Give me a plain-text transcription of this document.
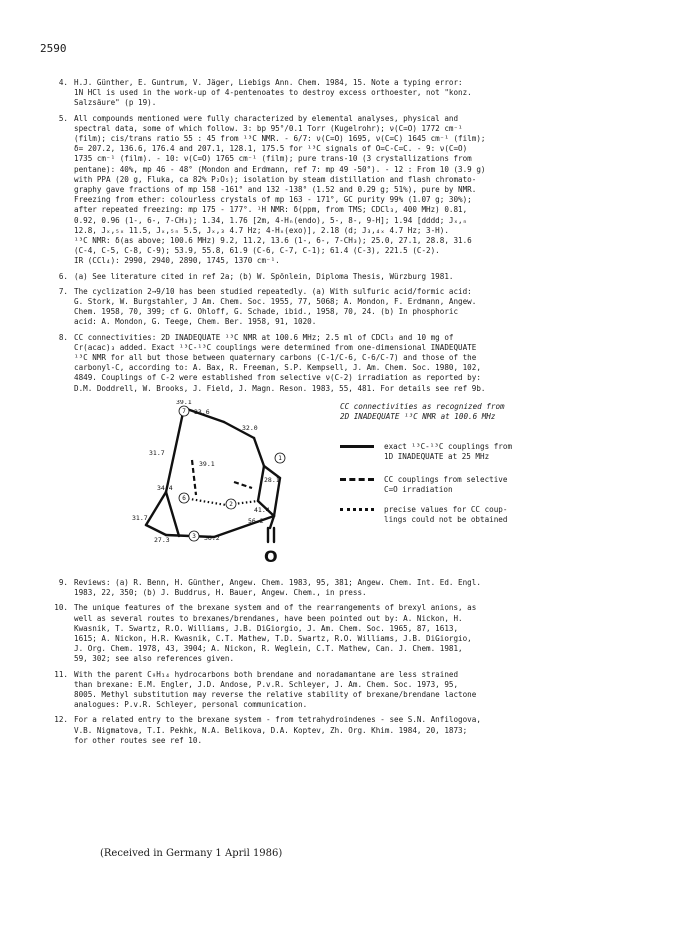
2590
4. H.J. Günther, E. Guntrum, V. Jäger, Liebigs Ann. Chem. 1984, 15. Note a typing error:
1N HCl is used in the work-up of 4-pentenoates to destroy excess orthoester, not "konz.
Salzsäure" (p 19).
5. All compounds mentioned were fully characterized by elemental analyses, physical and
spectral data, some of which follow. 3: bp 95°/0.1 Torr (Kugelrohr); ν(C=O) 1772 cm⁻¹
(film); cis/trans ratio 55 : 45 from ¹³C NMR. - 6/7: ν(C=O) 1695, ν(C=C) 1645 cm⁻¹ (film);
δ= 207.2, 136.6, 176.4 and 207.1, 128.1, 175.5 for ¹³C signals of O=C-C=C. - 9: ν(C=O)
1735 cm⁻¹ (film). - 10: ν(C=O) 1765 cm⁻¹ (film); pure trans-10 (3 crystallizations from
pentane): 40%, mp 46 - 48° (Mondon and Erdmann, ref 7: mp 49 -50°). - 12 : From 10 (3.9 g)
with PPA (20 g, Fluka, ca 82% P₂O₅); isolation by steam distillation and flash chromato-
graphy gave fractions of mp 158 -161° and 132 -138° (1.52 and 0.29 g; 51%), pure by NMR.
Freezing from ether: colourless crystals of mp 163 - 171°, GC purity 99% (1.07 g; 30%);
after repeated freezing: mp 175 - 177°. ¹H NMR: δ(ppm, from TMS; CDCl₃, 400 MHz) 0.81,
0.92, 0.96 (1-, 6-, 7-CH₃); 1.34, 1.76 [2m, 4-Hₙ(endo), 5-, 8-, 9-H]; 1.94 [dddd; Jₓ,ₙ
12.8, Jₓ,₅ₓ 11.5, Jₓ,₅ₙ 5.5, Jₓ,₃ 4.7 Hz; 4-Hₓ(exo)], 2.18 (d; J₃,₄ₓ 4.7 Hz; 3-H).
¹³C NMR: δ(as above; 100.6 MHz) 9.2, 11.2, 13.6 (1-, 6-, 7-CH₃); 25.0, 27.1, 28.8, 31.6
(C-4, C-5, C-8, C-9); 53.9, 55.8, 61.9 (C-6, C-7, C-1); 61.4 (C-3), 221.5 (C-2).
IR (CCl₄): 2990, 2940, 2890, 1745, 1370 cm⁻¹.
6. (a) See literature cited in ref 2a; (b) W. Spönlein, Diploma Thesis, Würzburg 1981.
7. The cyclization 2→9/10 has been studied repeatedly. (a) With sulfuric acid/formic acid:
G. Stork, W. Burgstahler, J Am. Chem. Soc. 1955, 77, 5068; A. Mondon, F. Erdmann, Angew.
Chem. 1958, 70, 399; cf G. Ohloff, G. Schade, ibid., 1958, 70, 24. (b) In phosphoric
acid: A. Mondon, G. Teege, Chem. Ber. 1958, 91, 1020.
8. CC connectivities: 2D INADEQUATE ¹³C NMR at 100.6 MHz; 2.5 ml of CDCl₃ and 10 mg of
Cr(acac)₃ added. Exact ¹³C-¹³C couplings were determined from one-dimensional INADEQUATE
¹³C NMR for all but those between quaternary carbons (C-1/C-6, C-6/C-7) and those of the
carbonyl-C, according to: A. Bax, R. Freeman, S.P. Kempsell, J. Am. Chem. Soc. 1980, 102,
4849. Couplings of C-2 were established from selective ν(C-2) irradiation as reported by:
D.M. Doddrell, W. Brooks, J. Field, J. Magn. Reson. 1983, 55, 481. For details see ref 9b.
O
7
1
6
2
3
39.1
33.6
32.0
31.7
39.1
34.4
28.1
31.7
41.4
56.2
27.3	36.2
CC connectivities as recognized from
2D INADEQUATE ¹³C NMR at 100.6 MHz
exact ¹³C-¹³C couplings from
1D INADEQUATE at 25 MHz
CC couplings from selective
C=O irradiation
precise values for CC coup-
lings could not be obtained
9. Reviews: (a) R. Benn, H. Günther, Angew. Chem. 1983, 95, 381; Angew. Chem. Int. Ed. Engl.
1983, 22, 350; (b) J. Buddrus, H. Bauer, Angew. Chem., in press.
10. The unique features of the brexane system and of the rearrangements of brexyl anions, as
well as several routes to brexanes/brendanes, have been pointed out by: A. Nickon, H.
Kwasnik, T. Swartz, R.O. Williams, J.B. DiGiorgio, J. Am. Chem. Soc. 1965, 87, 1613,
1615; A. Nickon, H.R. Kwasnik, C.T. Mathew, T.D. Swartz, R.O. Williams, J.B. DiGiorgio,
J. Org. Chem. 1978, 43, 3904; A. Nickon, R. Weglein, C.T. Mathew, Can. J. Chem. 1981,
59, 302; see also references given.
11. With the parent C₉H₁₄ hydrocarbons both brendane and noradamantane are less strained
than brexane: E.M. Engler, J.D. Andose, P.v.R. Schleyer, J. Am. Chem. Soc. 1973, 95,
8005. Methyl substitution may reverse the relative stability of brexane/brendane lactone
analogues: P.v.R. Schleyer, personal communication.
12. For a related entry to the brexane system - from tetrahydroindenes - see S.N. Anfilogova,
V.B. Nigmatova, T.I. Pekhk, N.A. Belikova, D.A. Koptev, Zh. Org. Khim. 1984, 20, 1873;
for other routes see ref 10.
(Received in Germany 1 April 1986)
